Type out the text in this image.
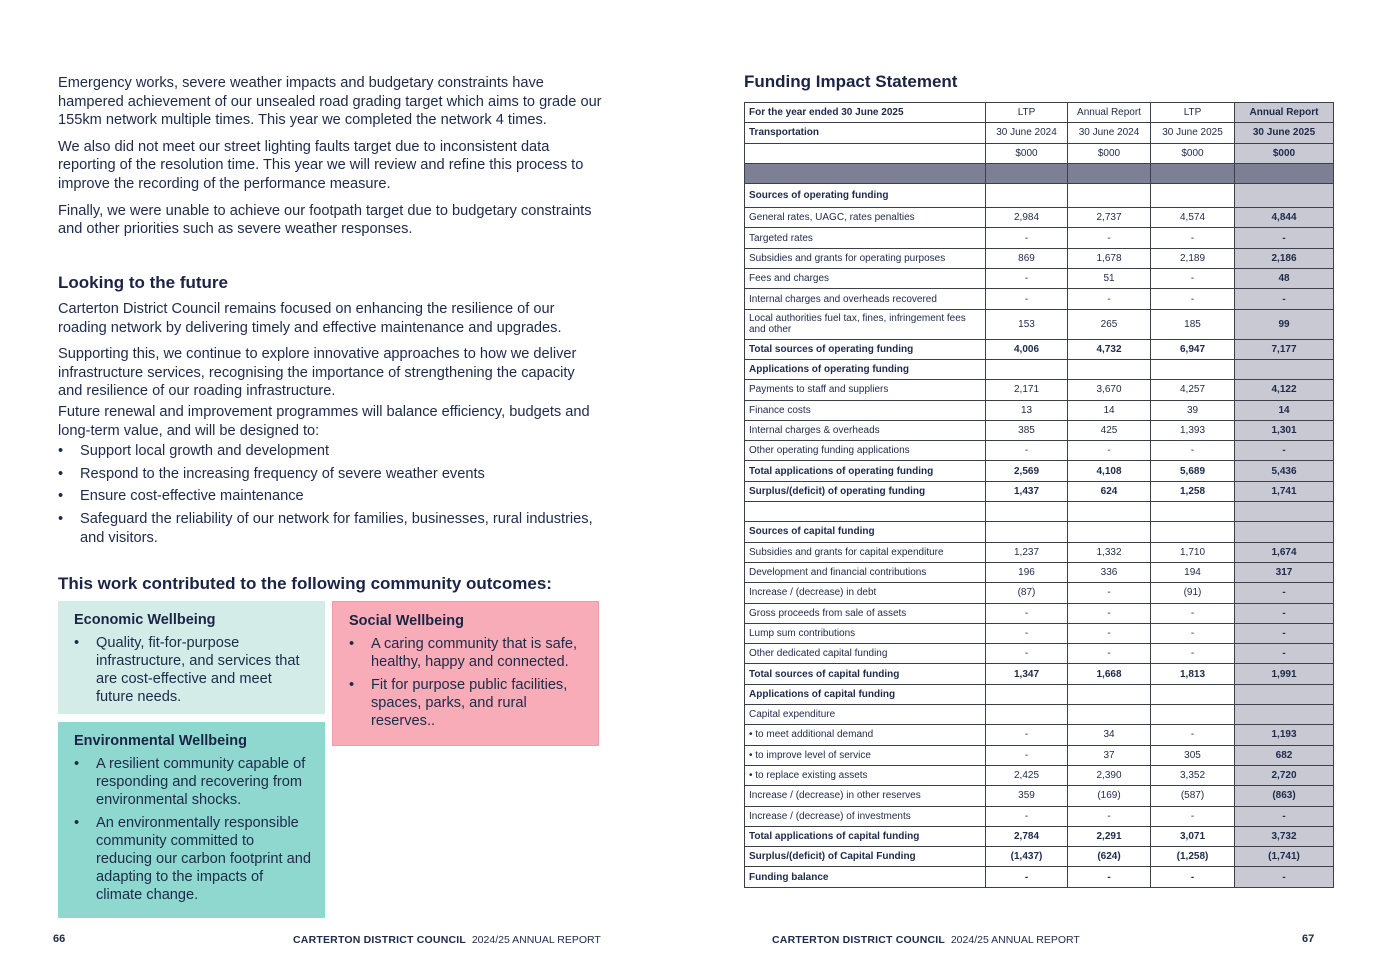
Emergency works, severe weather impacts and budgetary constraints have hampered achievement of our unsealed road grading target which aims to grade our 155km network multiple times. This year we completed the network 4 times.

We also did not meet our street lighting faults target due to inconsistent data reporting of the resolution time. This year we will review and refine this process to improve the recording of the performance measure.

Finally, we were unable to achieve our footpath target due to budgetary constraints and other priorities such as severe weather responses.

Looking to the future

Carterton District Council remains focused on enhancing the resilience of our roading network by delivering timely and effective maintenance and upgrades.

Supporting this, we continue to explore innovative approaches to how we deliver infrastructure services, recognising the importance of strengthening the capacity and resilience of our roading infrastructure.

Future renewal and improvement programmes will balance efficiency, budgets and long-term value, and will be designed to:

• Support local growth and development
• Respond to the increasing frequency of severe weather events
• Ensure cost-effective maintenance
• Safeguard the reliability of our network for families, businesses, rural industries, and visitors.
This work contributed to the following community outcomes:
Economic Wellbeing
• Quality, fit-for-purpose infrastructure, and services that are cost-effective and meet future needs.
Environmental Wellbeing
• A resilient community capable of responding and recovering from environmental shocks.
• An environmentally responsible community committed to reducing our carbon footprint and adapting to the impacts of climate change.
Social Wellbeing
• A caring community that is safe, healthy, happy and connected.
• Fit for purpose public facilities, spaces, parks, and rural reserves..
66	CARTERTON DISTRICT COUNCIL 2024/25 ANNUAL REPORT
Funding Impact Statement
For the year ended 30 June 2025	LTP	Annual Report	LTP	Annual Report
Transportation	30 June 2024	30 June 2024	30 June 2025	30 June 2025
	$000	$000	$000	$000

Sources of operating funding				
General rates, UAGC, rates penalties	2,984	2,737	4,574	4,844
Targeted rates	-	-	-	-
Subsidies and grants for operating purposes	869	1,678	2,189	2,186
Fees and charges	-	51	-	48
Internal charges and overheads recovered	-	-	-	-
Local authorities fuel tax, fines, infringement fees and other	153	265	185	99
Total sources of operating funding	4,006	4,732	6,947	7,177
Applications of operating funding				
Payments to staff and suppliers	2,171	3,670	4,257	4,122
Finance costs	13	14	39	14
Internal charges & overheads	385	425	1,393	1,301
Other operating funding applications	-	-	-	-
Total applications of operating funding	2,569	4,108	5,689	5,436
Surplus/(deficit) of operating funding	1,437	624	1,258	1,741

Sources of capital funding				
Subsidies and grants for capital expenditure	1,237	1,332	1,710	1,674
Development and financial contributions	196	336	194	317
Increase / (decrease) in debt	(87)	-	(91)	-
Gross proceeds from sale of assets	-	-	-	-
Lump sum contributions	-	-	-	-
Other dedicated capital funding	-	-	-	-
Total sources of capital funding	1,347	1,668	1,813	1,991
Applications of capital funding				
Capital expenditure				
• to meet additional demand	-	34	-	1,193
• to improve level of service	-	37	305	682
• to replace existing assets	2,425	2,390	3,352	2,720
Increase / (decrease) in other reserves	359	(169)	(587)	(863)
Increase / (decrease) of investments	-	-	-	-
Total applications of capital funding	2,784	2,291	3,071	3,732
Surplus/(deficit) of Capital Funding	(1,437)	(624)	(1,258)	(1,741)
Funding balance	-	-	-	-
CARTERTON DISTRICT COUNCIL 2024/25 ANNUAL REPORT	67
